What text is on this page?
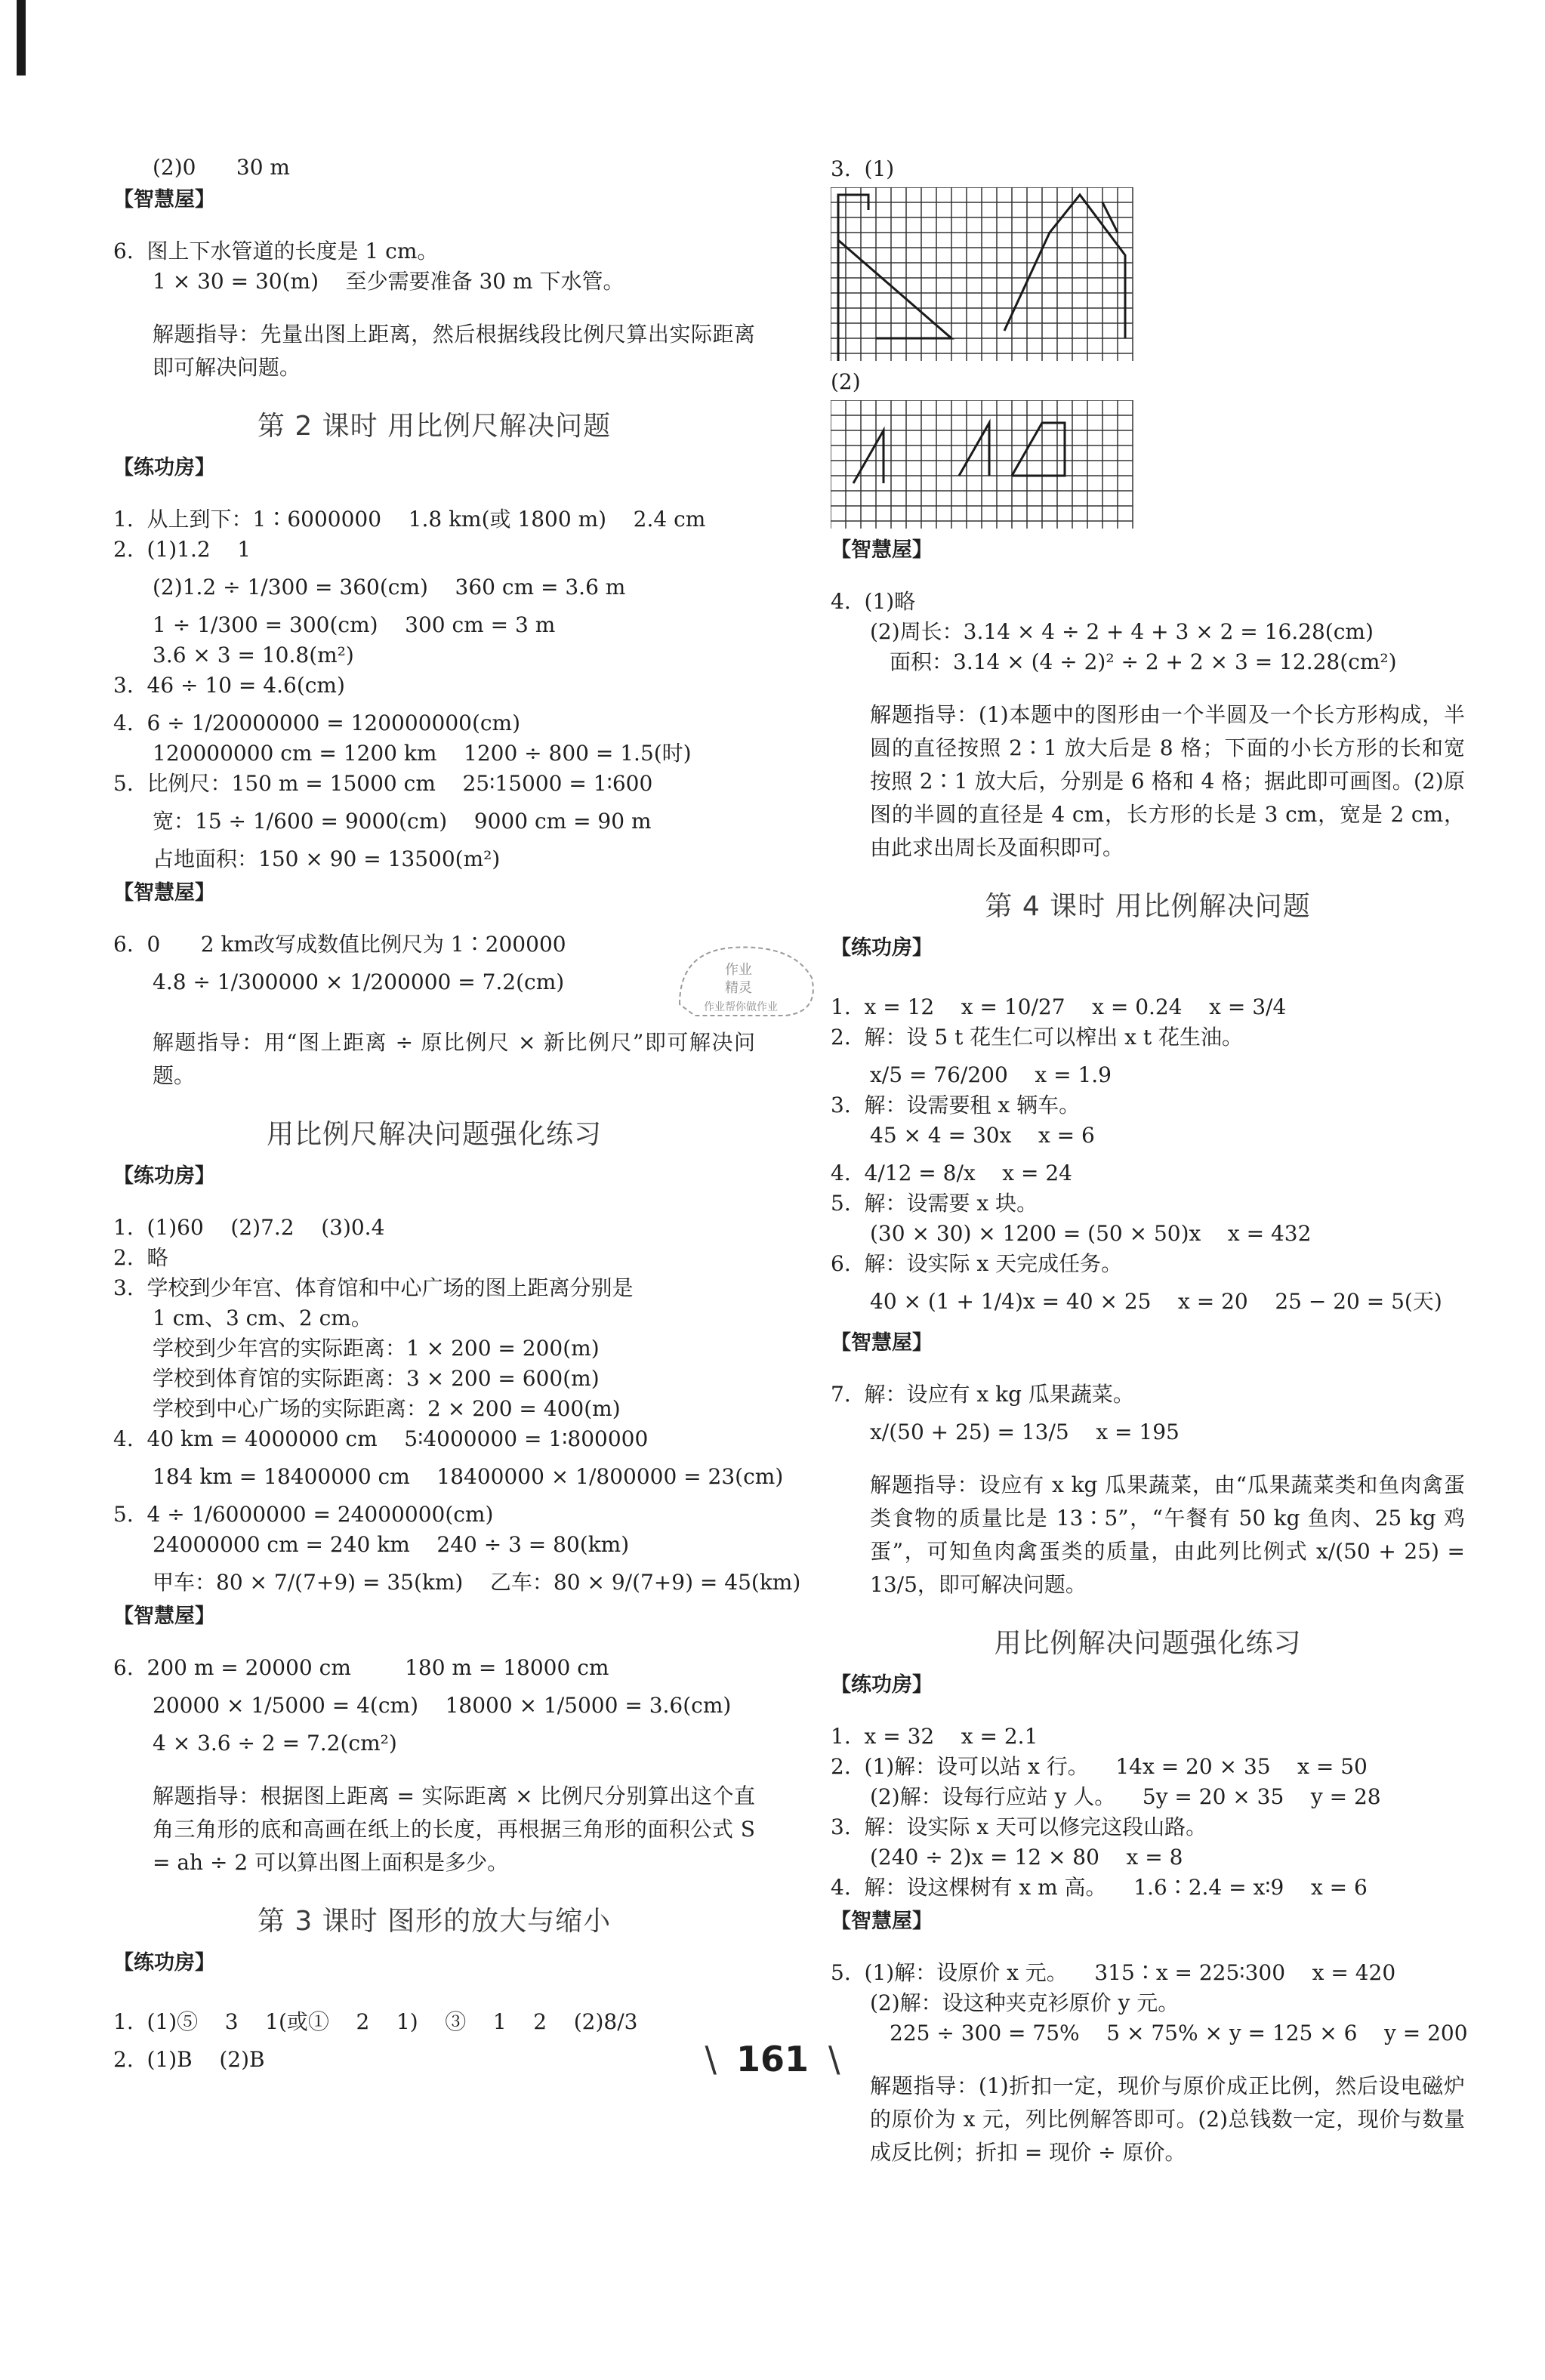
(2)0      30 m

【智慧屋】

6.  图上下水管道的长度是 1 cm。

1 × 30 = 30(m)    至少需要准备 30 m 下水管。

解题指导：先量出图上距离，然后根据线段比例尺算出实际距离即可解决问题。

第 2 课时 用比例尺解决问题

【练功房】

1.  从上到下：1∶6000000    1.8 km(或 1800 m)    2.4 cm

2.  (1)1.2    1

(2)1.2 ÷ 1/300 = 360(cm)    360 cm = 3.6 m

1 ÷ 1/300 = 300(cm)    300 cm = 3 m

3.6 × 3 = 10.8(m²)

3.  46 ÷ 10 = 4.6(cm)

4.  6 ÷ 1/20000000 = 120000000(cm)

120000000 cm = 1200 km    1200 ÷ 800 = 1.5(时)

5.  比例尺：150 m = 15000 cm    25∶15000 = 1∶600

宽：15 ÷ 1/600 = 9000(cm)    9000 cm = 90 m

占地面积：150 × 90 = 13500(m²)

【智慧屋】

6.  0      2 km改写成数值比例尺为 1∶200000

4.8 ÷ 1/300000 × 1/200000 = 7.2(cm)

解题指导：用“图上距离 ÷ 原比例尺 × 新比例尺”即可解决问题。

用比例尺解决问题强化练习

【练功房】

1.  (1)60    (2)7.2    (3)0.4

2.  略

3.  学校到少年宫、体育馆和中心广场的图上距离分别是

1 cm、3 cm、2 cm。

学校到少年宫的实际距离：1 × 200 = 200(m)

学校到体育馆的实际距离：3 × 200 = 600(m)

学校到中心广场的实际距离：2 × 200 = 400(m)

4.  40 km = 4000000 cm    5∶4000000 = 1∶800000

184 km = 18400000 cm    18400000 × 1/800000 = 23(cm)

5.  4 ÷ 1/6000000 = 24000000(cm)

24000000 cm = 240 km    240 ÷ 3 = 80(km)

甲车：80 × 7/(7+9) = 35(km)    乙车：80 × 9/(7+9) = 45(km)

【智慧屋】

6.  200 m = 20000 cm        180 m = 18000 cm

20000 × 1/5000 = 4(cm)    18000 × 1/5000 = 3.6(cm)

4 × 3.6 ÷ 2 = 7.2(cm²)

解题指导：根据图上距离 = 实际距离 × 比例尺分别算出这个直角三角形的底和高画在纸上的长度，再根据三角形的面积公式 S = ah ÷ 2 可以算出图上面积是多少。

第 3 课时 图形的放大与缩小

【练功房】

1.  (1)⑤    3    1(或①    2    1)    ③    1    2    (2)8/3

2.  (1)B    (2)B

3.  (1)

(2)

【智慧屋】

4.  (1)略

(2)周长：3.14 × 4 ÷ 2 + 4 + 3 × 2 = 16.28(cm)

面积：3.14 × (4 ÷ 2)² ÷ 2 + 2 × 3 = 12.28(cm²)

解题指导：(1)本题中的图形由一个半圆及一个长方形构成，半圆的直径按照 2∶1 放大后是 8 格；下面的小长方形的长和宽按照 2∶1 放大后，分别是 6 格和 4 格；据此即可画图。(2)原图的半圆的直径是 4 cm，长方形的长是 3 cm，宽是 2 cm，由此求出周长及面积即可。

第 4 课时 用比例解决问题

【练功房】

1.  x = 12    x = 10/27    x = 0.24    x = 3/4

2.  解：设 5 t 花生仁可以榨出 x t 花生油。

x/5 = 76/200    x = 1.9

3.  解：设需要租 x 辆车。

45 × 4 = 30x    x = 6

4.  4/12 = 8/x    x = 24

5.  解：设需要 x 块。

(30 × 30) × 1200 = (50 × 50)x    x = 432

6.  解：设实际 x 天完成任务。

40 × (1 + 1/4)x = 40 × 25    x = 20    25 − 20 = 5(天)

【智慧屋】

7.  解：设应有 x kg 瓜果蔬菜。

x/(50 + 25) = 13/5    x = 195

解题指导：设应有 x kg 瓜果蔬菜，由“瓜果蔬菜类和鱼肉禽蛋类食物的质量比是 13∶5”，“午餐有 50 kg 鱼肉、25 kg 鸡蛋”，可知鱼肉禽蛋类的质量，由此列比例式 x/(50 + 25) = 13/5，即可解决问题。

用比例解决问题强化练习

【练功房】

1.  x = 32    x = 2.1

2.  (1)解：设可以站 x 行。    14x = 20 × 35    x = 50

(2)解：设每行应站 y 人。    5y = 20 × 35    y = 28

3.  解：设实际 x 天可以修完这段山路。

(240 ÷ 2)x = 12 × 80    x = 8

4.  解：设这棵树有 x m 高。    1.6∶2.4 = x∶9    x = 6

【智慧屋】

5.  (1)解：设原价 x 元。    315∶x = 225∶300    x = 420

(2)解：设这种夹克衫原价 y 元。

225 ÷ 300 = 75%    5 × 75% × y = 125 × 6    y = 200

解题指导：(1)折扣一定，现价与原价成正比例，然后设电磁炉的原价为 x 元，列比例解答即可。(2)总钱数一定，现价与数量成反比例；折扣 = 现价 ÷ 原价。

作业
精灵
作业帮你做作业
\ 161 \
